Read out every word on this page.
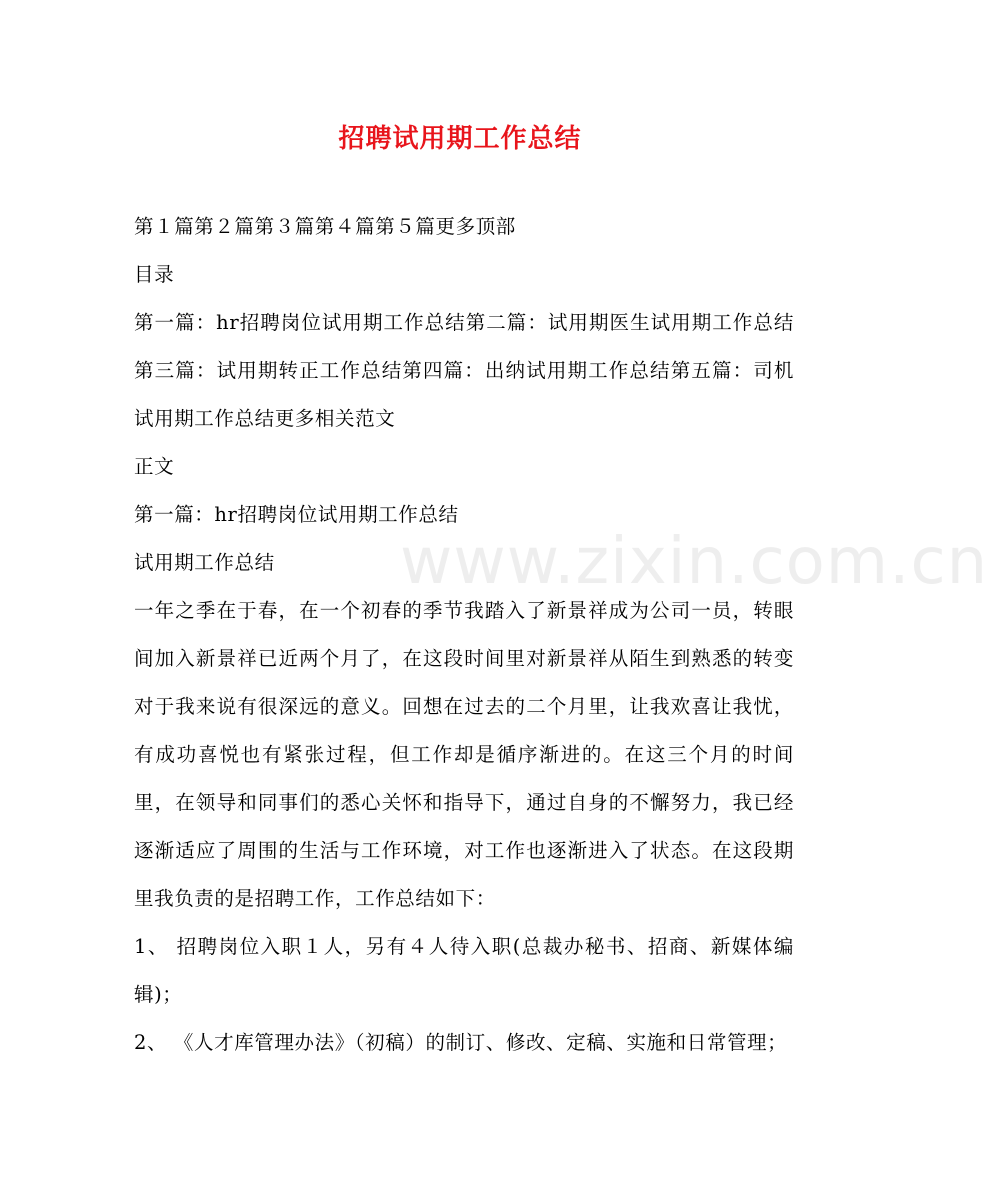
www.zixin.com.cn
招聘试用期工作总结

第１篇第２篇第３篇第４篇第５篇更多顶部

目录

第一篇：hr招聘岗位试用期工作总结第二篇：试用期医生试用期工作总结第三篇：试用期转正工作总结第四篇：出纳试用期工作总结第五篇：司机试用期工作总结更多相关范文

正文

第一篇：hr招聘岗位试用期工作总结

试用期工作总结

一年之季在于春，在一个初春的季节我踏入了新景祥成为公司一员，转眼间加入新景祥已近两个月了，在这段时间里对新景祥从陌生到熟悉的转变对于我来说有很深远的意义。回想在过去的二个月里，让我欢喜让我忧，有成功喜悦也有紧张过程，但工作却是循序渐进的。在这三个月的时间里，在领导和同事们的悉心关怀和指导下，通过自身的不懈努力，我已经逐渐适应了周围的生活与工作环境，对工作也逐渐进入了状态。在这段期里我负责的是招聘工作，工作总结如下：

1、 招聘岗位入职１人，另有４人待入职(总裁办秘书、招商、新媒体编辑)；

2、 《人才库管理办法》（初稿）的制订、修改、定稿、实施和日常管理；
